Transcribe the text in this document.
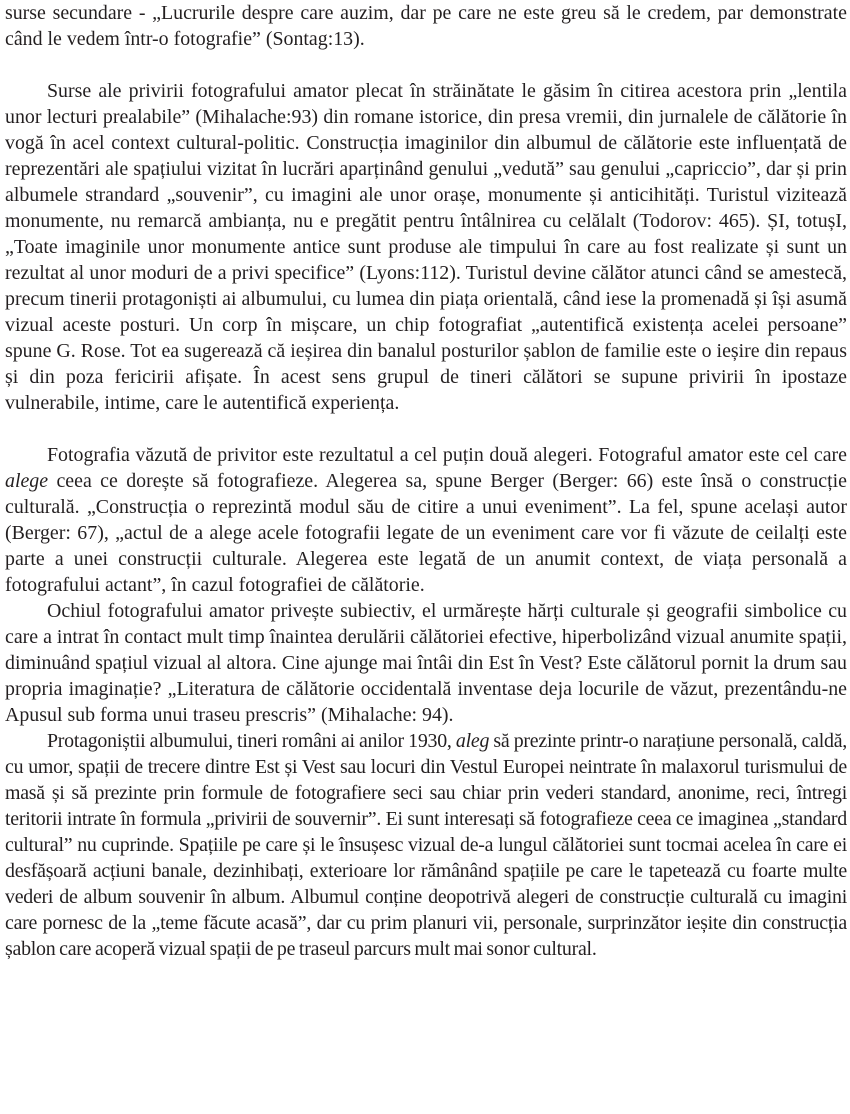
surse secundare - „Lucrurile despre care auzim, dar pe care ne este greu să le credem, par demonstrate când le vedem într-o fotografie” (Sontag:13).

Surse ale privirii fotografului amator plecat în străinătate le găsim în citirea acestora prin „lentila unor lecturi prealabile” (Mihalache:93) din romane istorice, din presa vremii, din jurnalele de călătorie în vogă în acel context cultural-politic. Construcția imaginilor din albumul de călătorie este influențată de reprezentări ale spațiului vizitat în lucrări aparținând genului „vedută” sau genului „capriccio”, dar și prin albumele strandard „souvenir”, cu imagini ale unor orașe, monumente și anticihități. Turistul vizitează monumente, nu remarcă ambianța, nu e pregătit pentru întâlnirea cu celălalt (Todorov: 465). ȘI, totușI, „Toate imaginile unor monumente antice sunt produse ale timpului în care au fost realizate și sunt un rezultat al unor moduri de a privi specifice” (Lyons:112). Turistul devine călător atunci când se amestecă, precum tinerii protagoniști ai albumului, cu lumea din piața orientală, când iese la promenadă și își asumă vizual aceste posturi. Un corp în mișcare, un chip fotografiat „autentifică existența acelei persoane” spune G. Rose. Tot ea sugerează că ieșirea din banalul posturilor șablon de familie este o ieșire din repaus și din poza fericirii afișate. În acest sens grupul de tineri călători se supune privirii în ipostaze vulnerabile, intime, care le autentifică experiența.

Fotografia văzută de privitor este rezultatul a cel puțin două alegeri. Fotograful amator este cel care alege ceea ce dorește să fotografieze. Alegerea sa, spune Berger (Berger: 66) este însă o construcție culturală. „Construcția o reprezintă modul său de citire a unui eveniment”. La fel, spune același autor (Berger: 67), „actul de a alege acele fotografii legate de un eveniment care vor fi văzute de ceilalți este parte a unei construcții culturale. Alegerea este legată de un anumit context, de viața personală a fotografului actant”, în cazul fotografiei de călătorie.

Ochiul fotografului amator privește subiectiv, el urmărește hărți culturale și geografii simbolice cu care a intrat în contact mult timp înaintea derulării călătoriei efective, hiperbolizând vizual anumite spații, diminuând spațiul vizual al altora. Cine ajunge mai întâi din Est în Vest? Este călătorul pornit la drum sau propria imaginație? „Literatura de călătorie occidentală inventase deja locurile de văzut, prezentându-ne Apusul sub forma unui traseu prescris” (Mihalache: 94).

Protagoniștii albumului, tineri români ai anilor 1930, aleg să prezinte printr-o narațiune personală, caldă, cu umor, spații de trecere dintre Est și Vest sau locuri din Vestul Europei neintrate în malaxorul turismului de masă și să prezinte prin formule de fotografiere seci sau chiar prin vederi standard, anonime, reci, întregi teritorii intrate în formula „privirii de souvernir”. Ei sunt interesați să fotografieze ceea ce imaginea „standard cultural” nu cuprinde. Spațiile pe care și le însușesc vizual de-a lungul călătoriei sunt tocmai acelea în care ei desfășoară acțiuni banale, dezinhibați, exterioare lor rămânând spațiile pe care le tapetează cu foarte multe vederi de album souvenir în album. Albumul conține deopotrivă alegeri de construcție culturală cu imagini care pornesc de la „teme făcute acasă”, dar cu prim planuri vii, personale, surprinzător ieșite din construcția șablon care acoperă vizual spații de pe traseul parcurs mult mai sonor cultural.
